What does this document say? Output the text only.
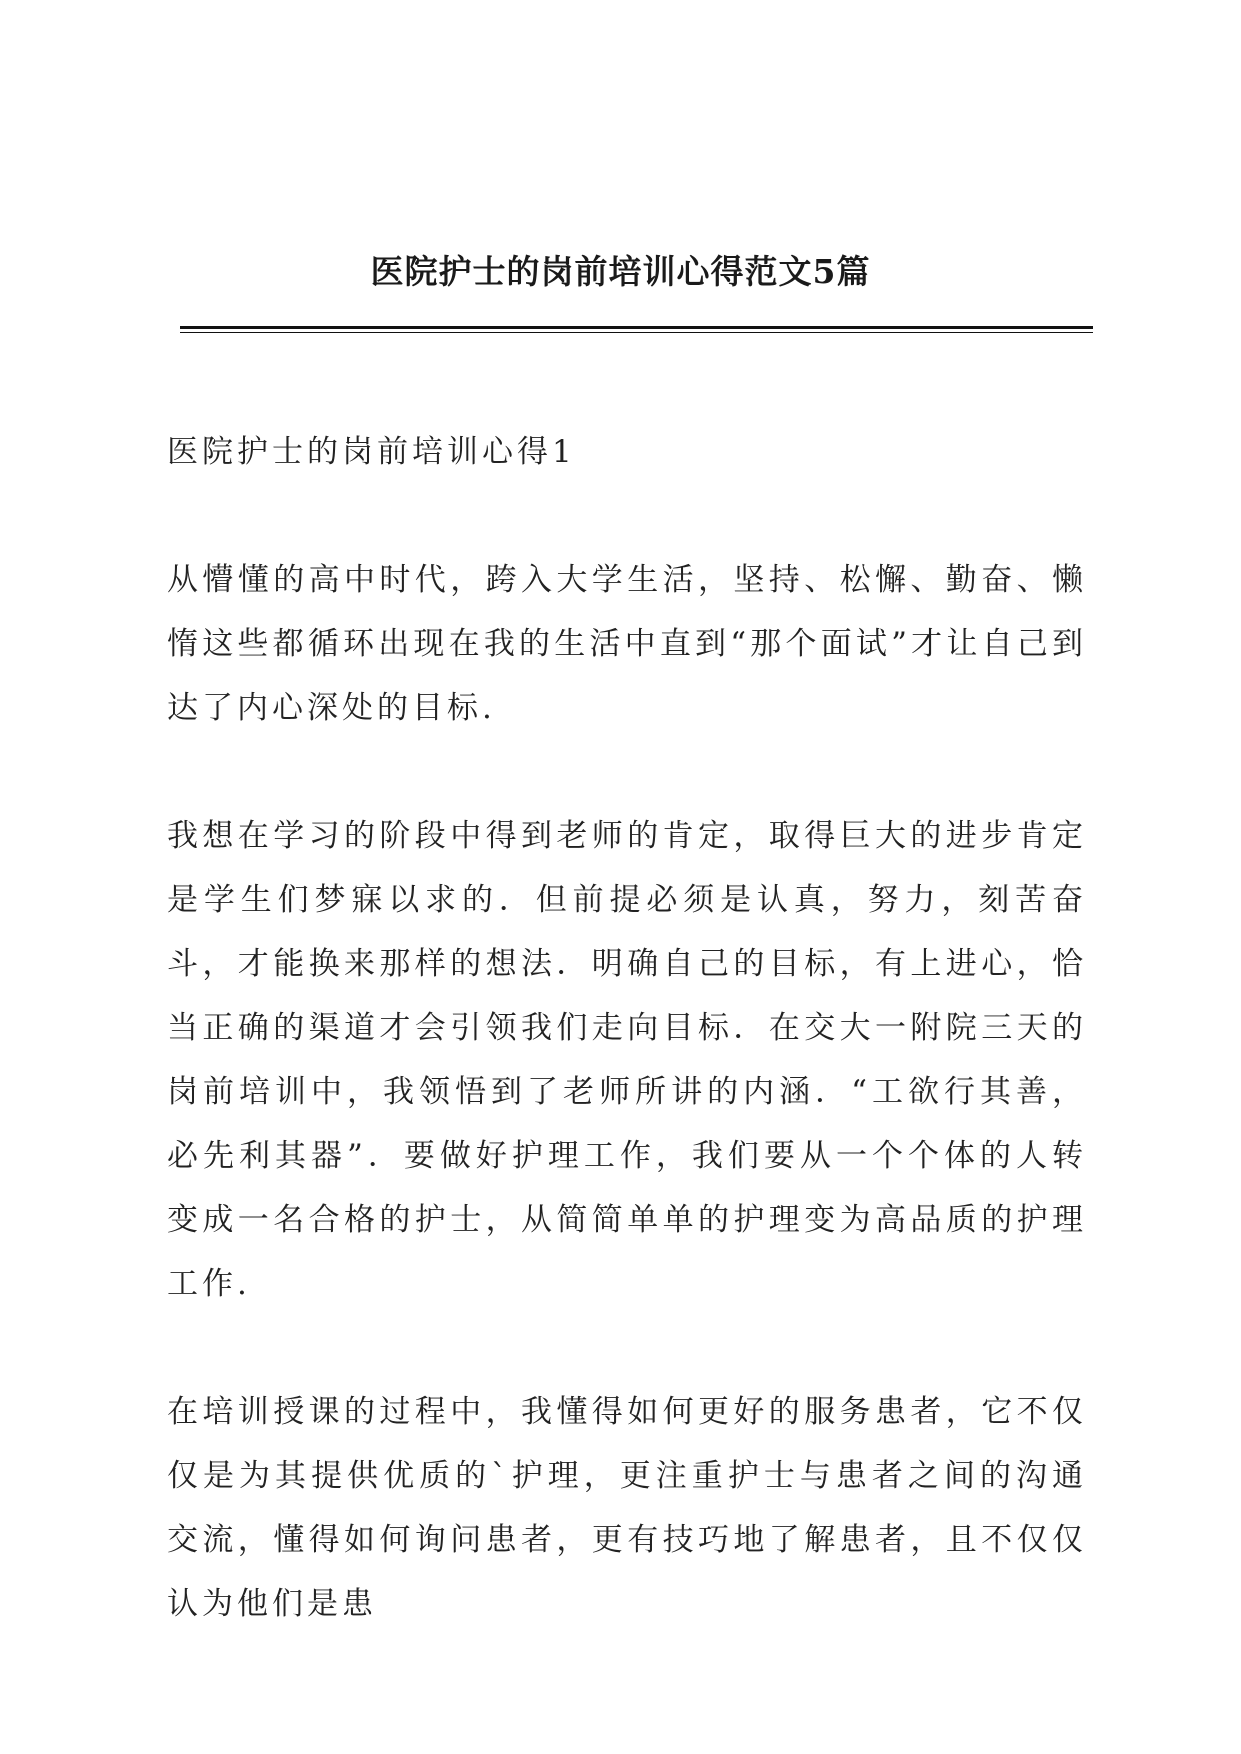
医院护士的岗前培训心得范文5篇

医院护士的岗前培训心得1

从懵懂的高中时代，跨入大学生活，坚持、松懈、勤奋、懒惰这些都循环出现在我的生活中直到“那个面试”才让自己到达了内心深处的目标.

我想在学习的阶段中得到老师的肯定，取得巨大的进步肯定是学生们梦寐以求的．但前提必须是认真，努力，刻苦奋斗，才能换来那样的想法．明确自己的目标，有上进心，恰当正确的渠道才会引领我们走向目标．在交大一附院三天的岗前培训中，我领悟到了老师所讲的内涵．“工欲行其善，必先利其器”．要做好护理工作，我们要从一个个体的人转变成一名合格的护士，从简简单单的护理变为高品质的护理工作.

在培训授课的过程中，我懂得如何更好的服务患者，它不仅仅是为其提供优质的`护理，更注重护士与患者之间的沟通交流，懂得如何询问患者，更有技巧地了解患者，且不仅仅认为他们是患
